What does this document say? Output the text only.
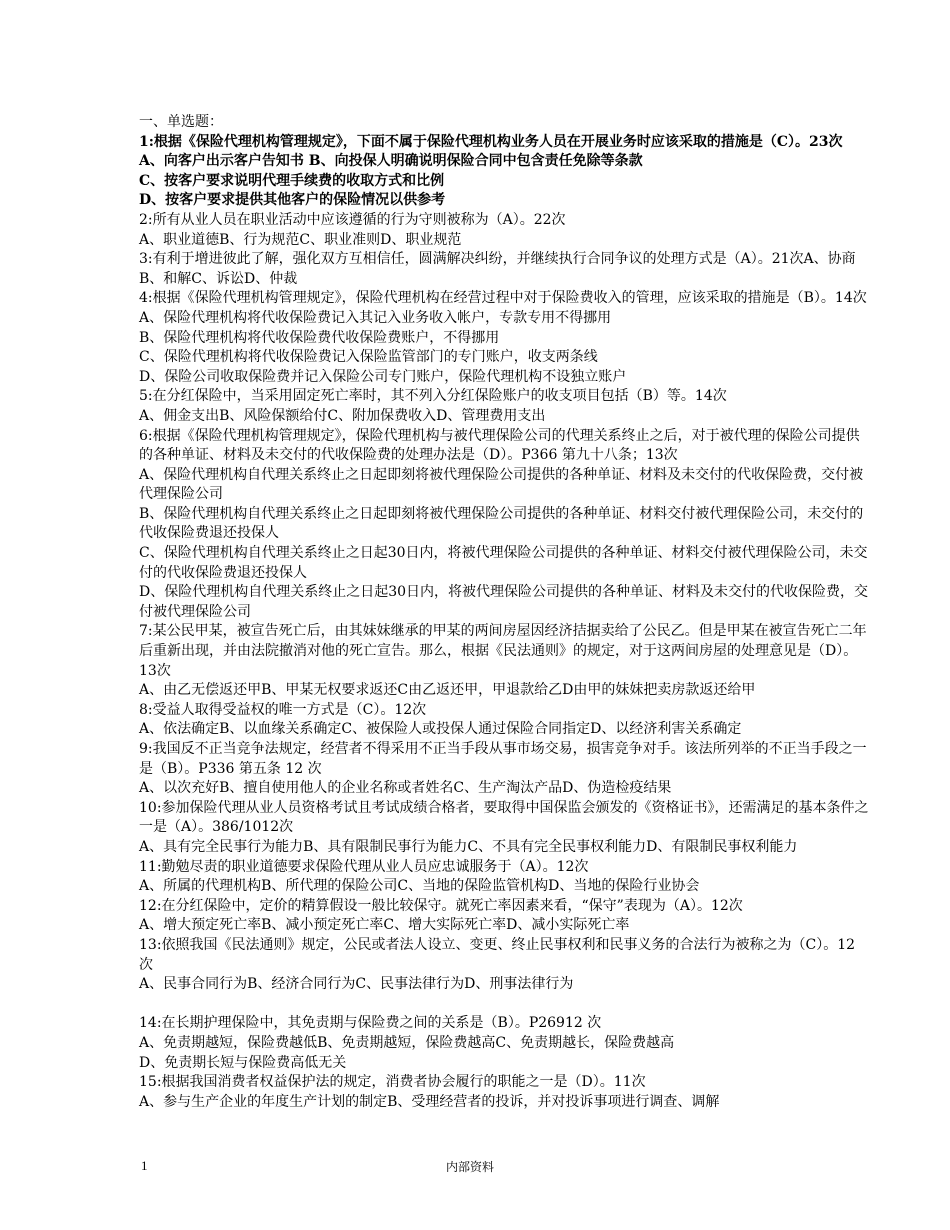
一、单选题：

1:根据《保险代理机构管理规定》，下面不属于保险代理机构业务人员在开展业务时应该采取的措施是（C）。23次

A、向客户出示客户告知书 B、向投保人明确说明保险合同中包含责任免除等条款

C、按客户要求说明代理手续费的收取方式和比例

D、按客户要求提供其他客户的保险情况以供参考

2:所有从业人员在职业活动中应该遵循的行为守则被称为（A）。22次

A、职业道德B、行为规范C、职业准则D、职业规范

3:有利于增进彼此了解，强化双方互相信任，圆满解决纠纷，并继续执行合同争议的处理方式是（A）。21次A、协商B、和解C、诉讼D、仲裁

4:根据《保险代理机构管理规定》，保险代理机构在经营过程中对于保险费收入的管理，应该采取的措施是（B）。14次

A、保险代理机构将代收保险费记入其记入业务收入帐户，专款专用不得挪用

B、保险代理机构将代收保险费代收保险费账户，不得挪用

C、保险代理机构将代收保险费记入保险监管部门的专门账户，收支两条线

D、保险公司收取保险费并记入保险公司专门账户，保险代理机构不设独立账户

5:在分红保险中，当采用固定死亡率时，其不列入分红保险账户的收支项目包括（B）等。14次

A、佣金支出B、风险保额给付C、附加保费收入D、管理费用支出

6:根据《保险代理机构管理规定》，保险代理机构与被代理保险公司的代理关系终止之后，对于被代理的保险公司提供的各种单证、材料及未交付的代收保险费的处理办法是（D）。P366 第九十八条；13次

A、保险代理机构自代理关系终止之日起即刻将被代理保险公司提供的各种单证、材料及未交付的代收保险费，交付被代理保险公司

B、保险代理机构自代理关系终止之日起即刻将被代理保险公司提供的各种单证、材料交付被代理保险公司，未交付的代收保险费退还投保人

C、保险代理机构自代理关系终止之日起30日内，将被代理保险公司提供的各种单证、材料交付被代理保险公司，未交付的代收保险费退还投保人

D、保险代理机构自代理关系终止之日起30日内，将被代理保险公司提供的各种单证、材料及未交付的代收保险费，交付被代理保险公司

7:某公民甲某，被宣告死亡后，由其妹妹继承的甲某的两间房屋因经济拮据卖给了公民乙。但是甲某在被宣告死亡二年后重新出现，并由法院撤消对他的死亡宣告。那么，根据《民法通则》的规定，对于这两间房屋的处理意见是（D）。13次

A、由乙无偿返还甲B、甲某无权要求返还C由乙返还甲，甲退款给乙D由甲的妹妹把卖房款返还给甲

8:受益人取得受益权的唯一方式是（C）。12次

A、依法确定B、以血缘关系确定C、被保险人或投保人通过保险合同指定D、以经济利害关系确定

9:我国反不正当竞争法规定，经营者不得采用不正当手段从事市场交易，损害竞争对手。该法所列举的不正当手段之一是（B）。P336 第五条 12 次

A、以次充好B、擅自使用他人的企业名称或者姓名C、生产淘汰产品D、伪造检疫结果

10:参加保险代理从业人员资格考试且考试成绩合格者，要取得中国保监会颁发的《资格证书》，还需满足的基本条件之一是（A）。386/1012次

A、具有完全民事行为能力B、具有限制民事行为能力C、不具有完全民事权利能力D、有限制民事权利能力

11:勤勉尽责的职业道德要求保险代理从业人员应忠诚服务于（A）。12次

A、所属的代理机构B、所代理的保险公司C、当地的保险监管机构D、当地的保险行业协会

12:在分红保险中，定价的精算假设一般比较保守。就死亡率因素来看，“保守”表现为（A）。12次

A、增大预定死亡率B、减小预定死亡率C、增大实际死亡率D、减小实际死亡率

13:依照我国《民法通则》规定，公民或者法人设立、变更、终止民事权利和民事义务的合法行为被称之为（C）。12次

A、民事合同行为B、经济合同行为C、民事法律行为D、刑事法律行为

14:在长期护理保险中，其免责期与保险费之间的关系是（B）。P26912 次

A、免责期越短，保险费越低B、免责期越短，保险费越高C、免责期越长，保险费越高

D、免责期长短与保险费高低无关

15:根据我国消费者权益保护法的规定，消费者协会履行的职能之一是（D）。11次

A、参与生产企业的年度生产计划的制定B、受理经营者的投诉，并对投诉事项进行调查、调解

1	内部资料
